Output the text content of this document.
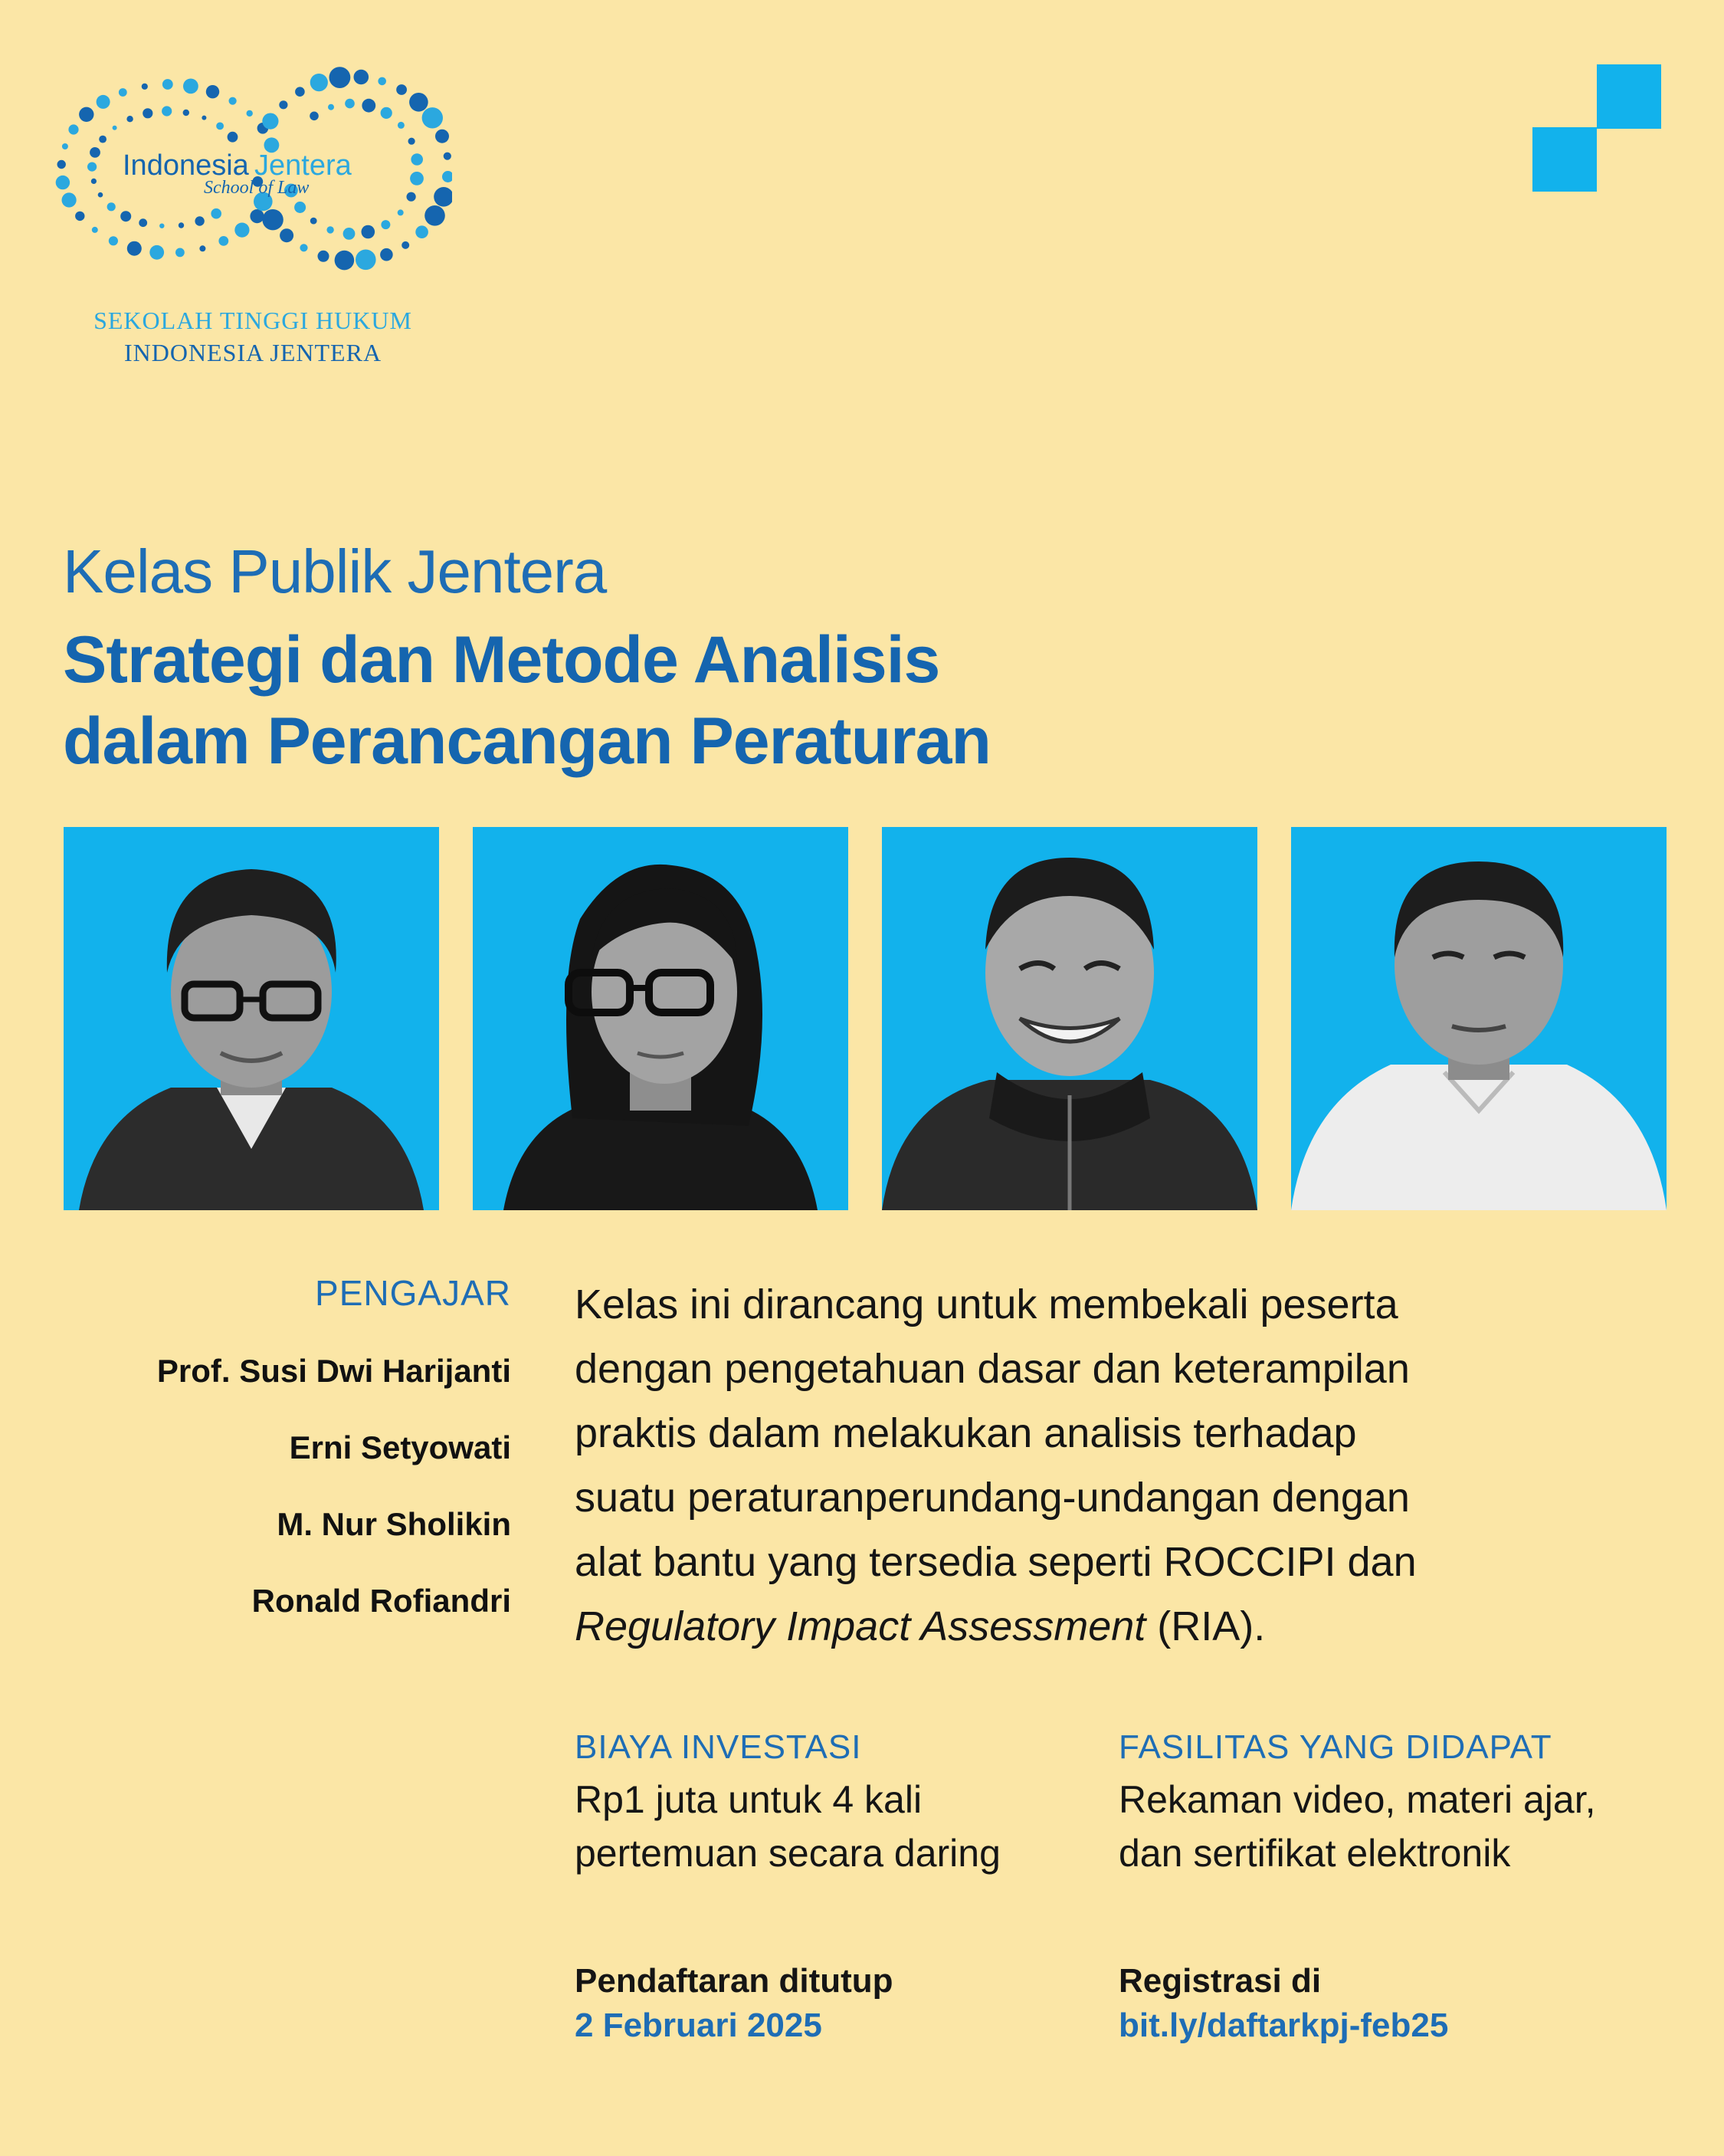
Indonesia Jentera
School of Law
SEKOLAH TINGGI HUKUM
INDONESIA JENTERA
Kelas Publik Jentera
Strategi dan Metode Analisis
dalam Perancangan Peraturan
PENGAJAR
Prof. Susi Dwi Harijanti
Erni Setyowati
M. Nur Sholikin
Ronald Rofiandri
Kelas ini dirancang untuk membekali peserta
dengan pengetahuan dasar dan keterampilan
praktis dalam melakukan analisis terhadap
suatu peraturanperundang-undangan dengan
alat bantu yang tersedia seperti ROCCIPI dan
Regulatory Impact Assessment (RIA).
BIAYA INVESTASI
Rp1 juta untuk 4 kali
pertemuan secara daring
FASILITAS YANG DIDAPAT
Rekaman video, materi ajar,
dan sertifikat elektronik
Pendaftaran ditutup
2 Februari 2025
Registrasi di
bit.ly/daftarkpj-feb25
